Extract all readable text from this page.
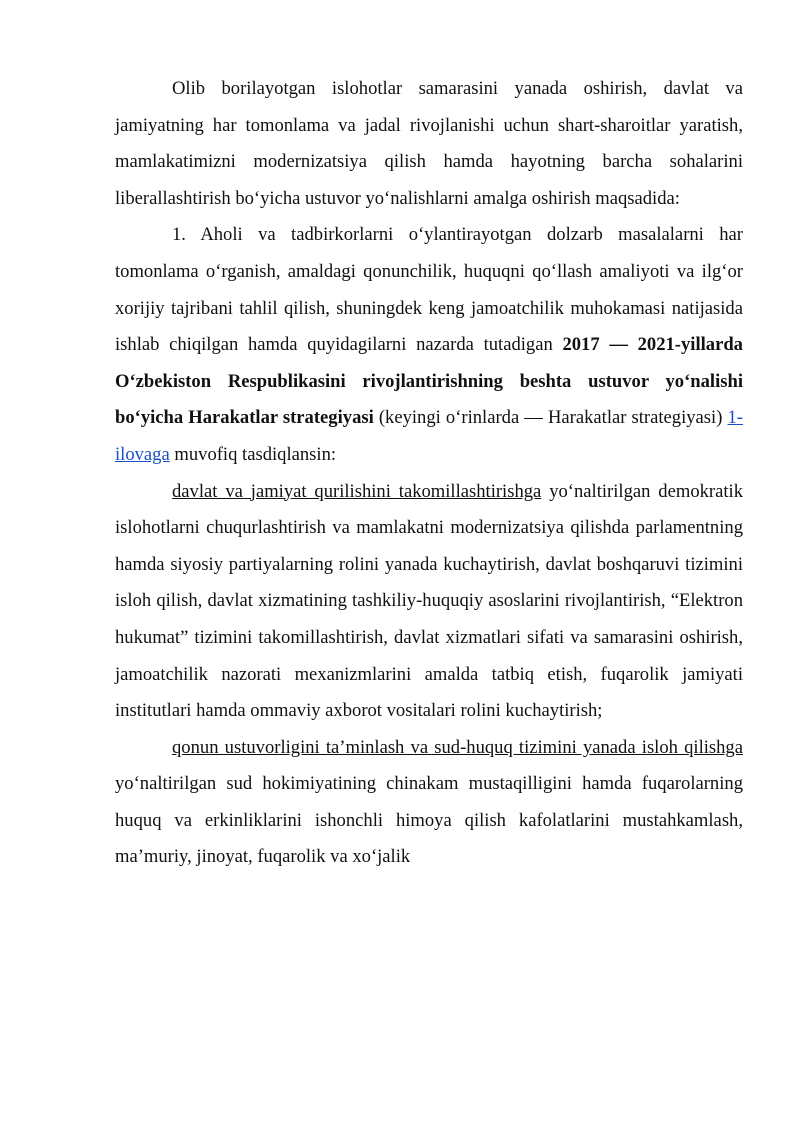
Olib borilayotgan islohotlar samarasini yanada oshirish, davlat va jamiyatning har tomonlama va jadal rivojlanishi uchun shart-sharoitlar yaratish, mamlakatimizni modernizatsiya qilish hamda hayotning barcha sohalarini liberallashtirish bo‘yicha ustuvor yo‘nalishlarni amalga oshirish maqsadida:

1. Aholi va tadbirkorlarni o‘ylantirayotgan dolzarb masalalarni har tomonlama o‘rganish, amaldagi qonunchilik, huquqni qo‘llash amaliyoti va ilg‘or xorijiy tajribani tahlil qilish, shuningdek keng jamoatchilik muhokamasi natijasida ishlab chiqilgan hamda quyidagilarni nazarda tutadigan 2017 — 2021-yillarda O‘zbekiston Respublikasini rivojlantirishning beshta ustuvor yo‘nalishi bo‘yicha Harakatlar strategiyasi (keyingi o‘rinlarda — Harakatlar strategiyasi) 1-ilovaga muvofiq tasdiqlansin:

davlat va jamiyat qurilishini takomillashtirishga yo‘naltirilgan demokratik islohotlarni chuqurlashtirish va mamlakatni modernizatsiya qilishda parlamentning hamda siyosiy partiyalarning rolini yanada kuchaytirish, davlat boshqaruvi tizimini isloh qilish, davlat xizmatining tashkiliy-huquqiy asoslarini rivojlantirish, “Elektron hukumat” tizimini takomillashtirish, davlat xizmatlari sifati va samarasini oshirish, jamoatchilik nazorati mexanizmlarini amalda tatbiq etish, fuqarolik jamiyati institutlari hamda ommaviy axborot vositalari rolini kuchaytirish;

qonun ustuvorligini ta’minlash va sud-huquq tizimini yanada isloh qilishga yo‘naltirilgan sud hokimiyatining chinakam mustaqilligini hamda fuqarolarning huquq va erkinliklarini ishonchli himoya qilish kafolatlarini mustahkamlash, ma’muriy, jinoyat, fuqarolik va xo‘jalik
